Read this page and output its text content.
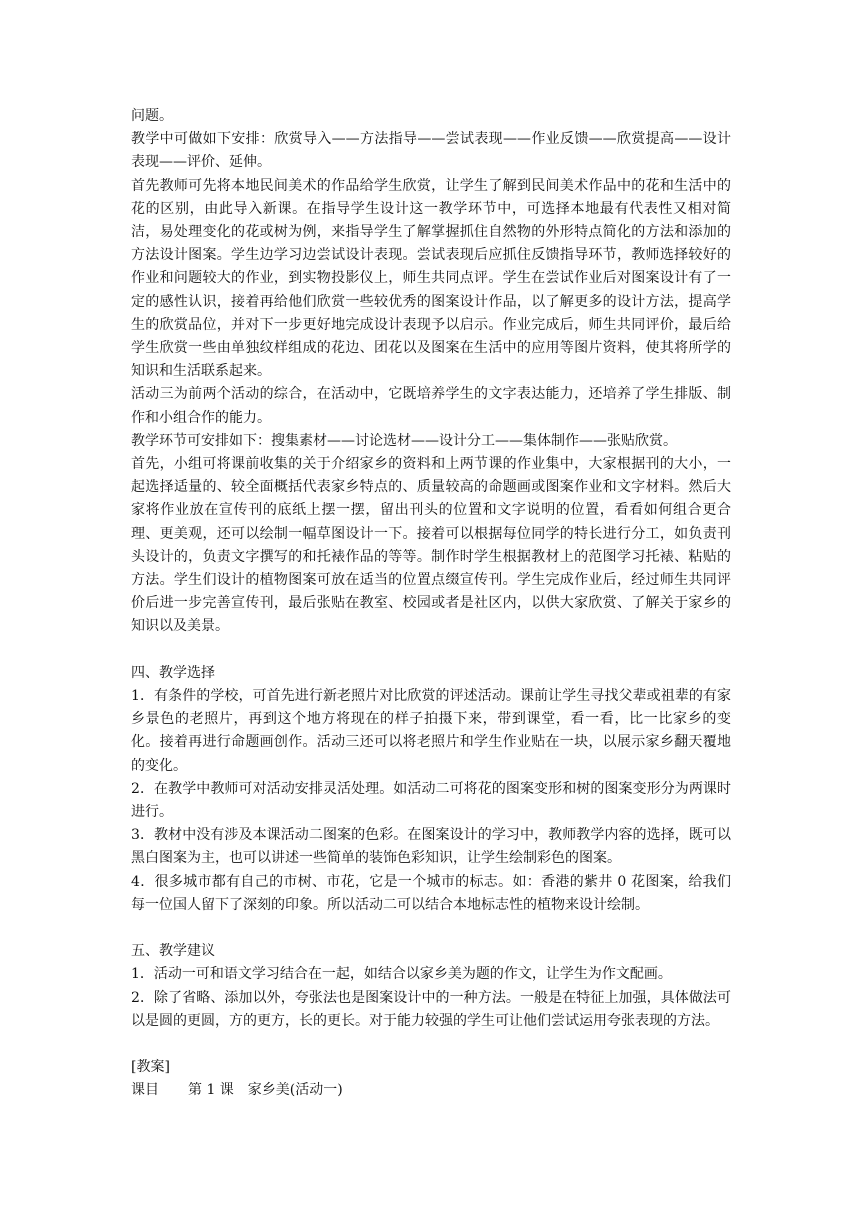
问题。

教学中可做如下安排：欣赏导入——方法指导——尝试表现——作业反馈——欣赏提高——设计表现——评价、延伸。

首先教师可先将本地民间美术的作品给学生欣赏，让学生了解到民间美术作品中的花和生活中的花的区别，由此导入新课。在指导学生设计这一教学环节中，可选择本地最有代表性又相对简洁，易处理变化的花或树为例，来指导学生了解掌握抓住自然物的外形特点简化的方法和添加的方法设计图案。学生边学习边尝试设计表现。尝试表现后应抓住反馈指导环节，教师选择较好的作业和问题较大的作业，到实物投影仪上，师生共同点评。学生在尝试作业后对图案设计有了一定的感性认识，接着再给他们欣赏一些较优秀的图案设计作品，以了解更多的设计方法，提高学生的欣赏品位，并对下一步更好地完成设计表现予以启示。作业完成后，师生共同评价，最后给学生欣赏一些由单独纹样组成的花边、团花以及图案在生活中的应用等图片资料，使其将所学的知识和生活联系起来。

活动三为前两个活动的综合，在活动中，它既培养学生的文字表达能力，还培养了学生排版、制作和小组合作的能力。

教学环节可安排如下：搜集素材——讨论选材——设计分工——集体制作——张贴欣赏。

首先，小组可将课前收集的关于介绍家乡的资料和上两节课的作业集中，大家根据刊的大小，一起选择适量的、较全面概括代表家乡特点的、质量较高的命题画或图案作业和文字材料。然后大家将作业放在宣传刊的底纸上摆一摆，留出刊头的位置和文字说明的位置，看看如何组合更合理、更美观，还可以绘制一幅草图设计一下。接着可以根据每位同学的特长进行分工，如负责刊头设计的，负责文字撰写的和托裱作品的等等。制作时学生根据教材上的范图学习托裱、粘贴的方法。学生们设计的植物图案可放在适当的位置点缀宣传刊。学生完成作业后，经过师生共同评价后进一步完善宣传刊，最后张贴在教室、校园或者是社区内，以供大家欣赏、了解关于家乡的知识以及美景。

四、教学选择

1．有条件的学校，可首先进行新老照片对比欣赏的评述活动。课前让学生寻找父辈或祖辈的有家乡景色的老照片，再到这个地方将现在的样子拍摄下来，带到课堂，看一看，比一比家乡的变化。接着再进行命题画创作。活动三还可以将老照片和学生作业贴在一块，以展示家乡翻天覆地的变化。

2．在教学中教师可对活动安排灵活处理。如活动二可将花的图案变形和树的图案变形分为两课时进行。

3．教材中没有涉及本课活动二图案的色彩。在图案设计的学习中，教师教学内容的选择，既可以黑白图案为主，也可以讲述一些简单的装饰色彩知识，让学生绘制彩色的图案。

4．很多城市都有自己的市树、市花，它是一个城市的标志。如：香港的紫井 0 花图案，给我们每一位国人留下了深刻的印象。所以活动二可以结合本地标志性的植物来设计绘制。

五、教学建议

1．活动一可和语文学习结合在一起，如结合以家乡美为题的作文，让学生为作文配画。

2．除了省略、添加以外，夸张法也是图案设计中的一种方法。一般是在特征上加强，具体做法可以是圆的更圆，方的更方，长的更长。对于能力较强的学生可让他们尝试运用夸张表现的方法。

[教案]

课目	第 1 课　家乡美(活动一)
